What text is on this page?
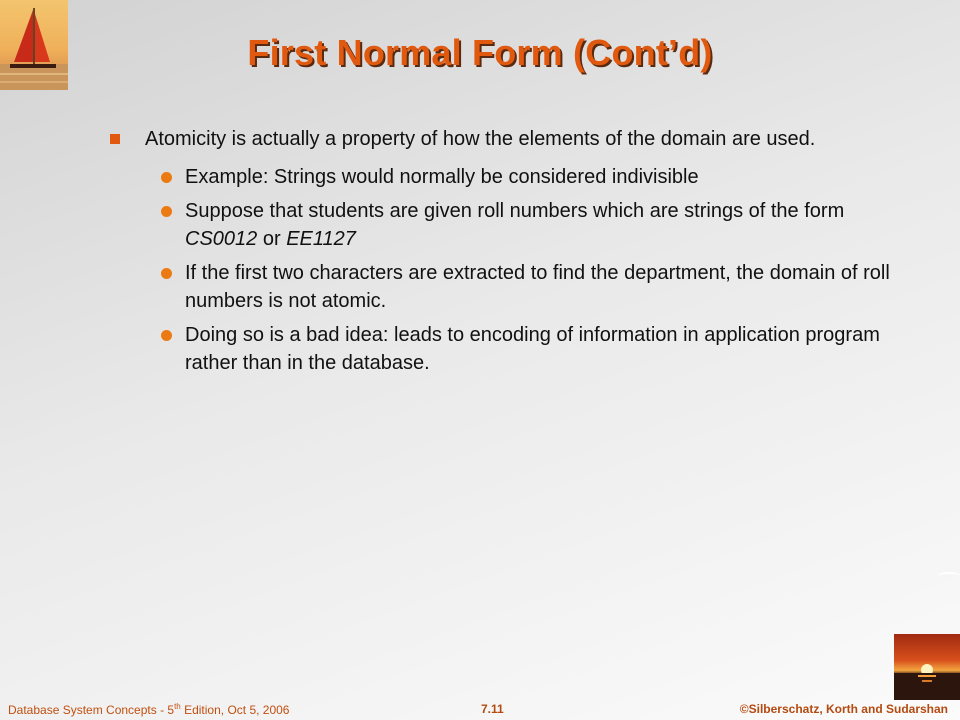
First Normal Form (Cont’d)
Atomicity is actually a property of how the elements of the domain are used.
Example: Strings would normally be considered indivisible
Suppose that students are given roll numbers which are strings of the form CS0012 or EE1127
If the first two characters are extracted to find the department, the domain of roll numbers is not atomic.
Doing so is a bad idea: leads to encoding of information in application program rather than in the database.
Database System Concepts - 5th Edition, Oct 5, 2006	7.11	©Silberschatz, Korth and Sudarshan
